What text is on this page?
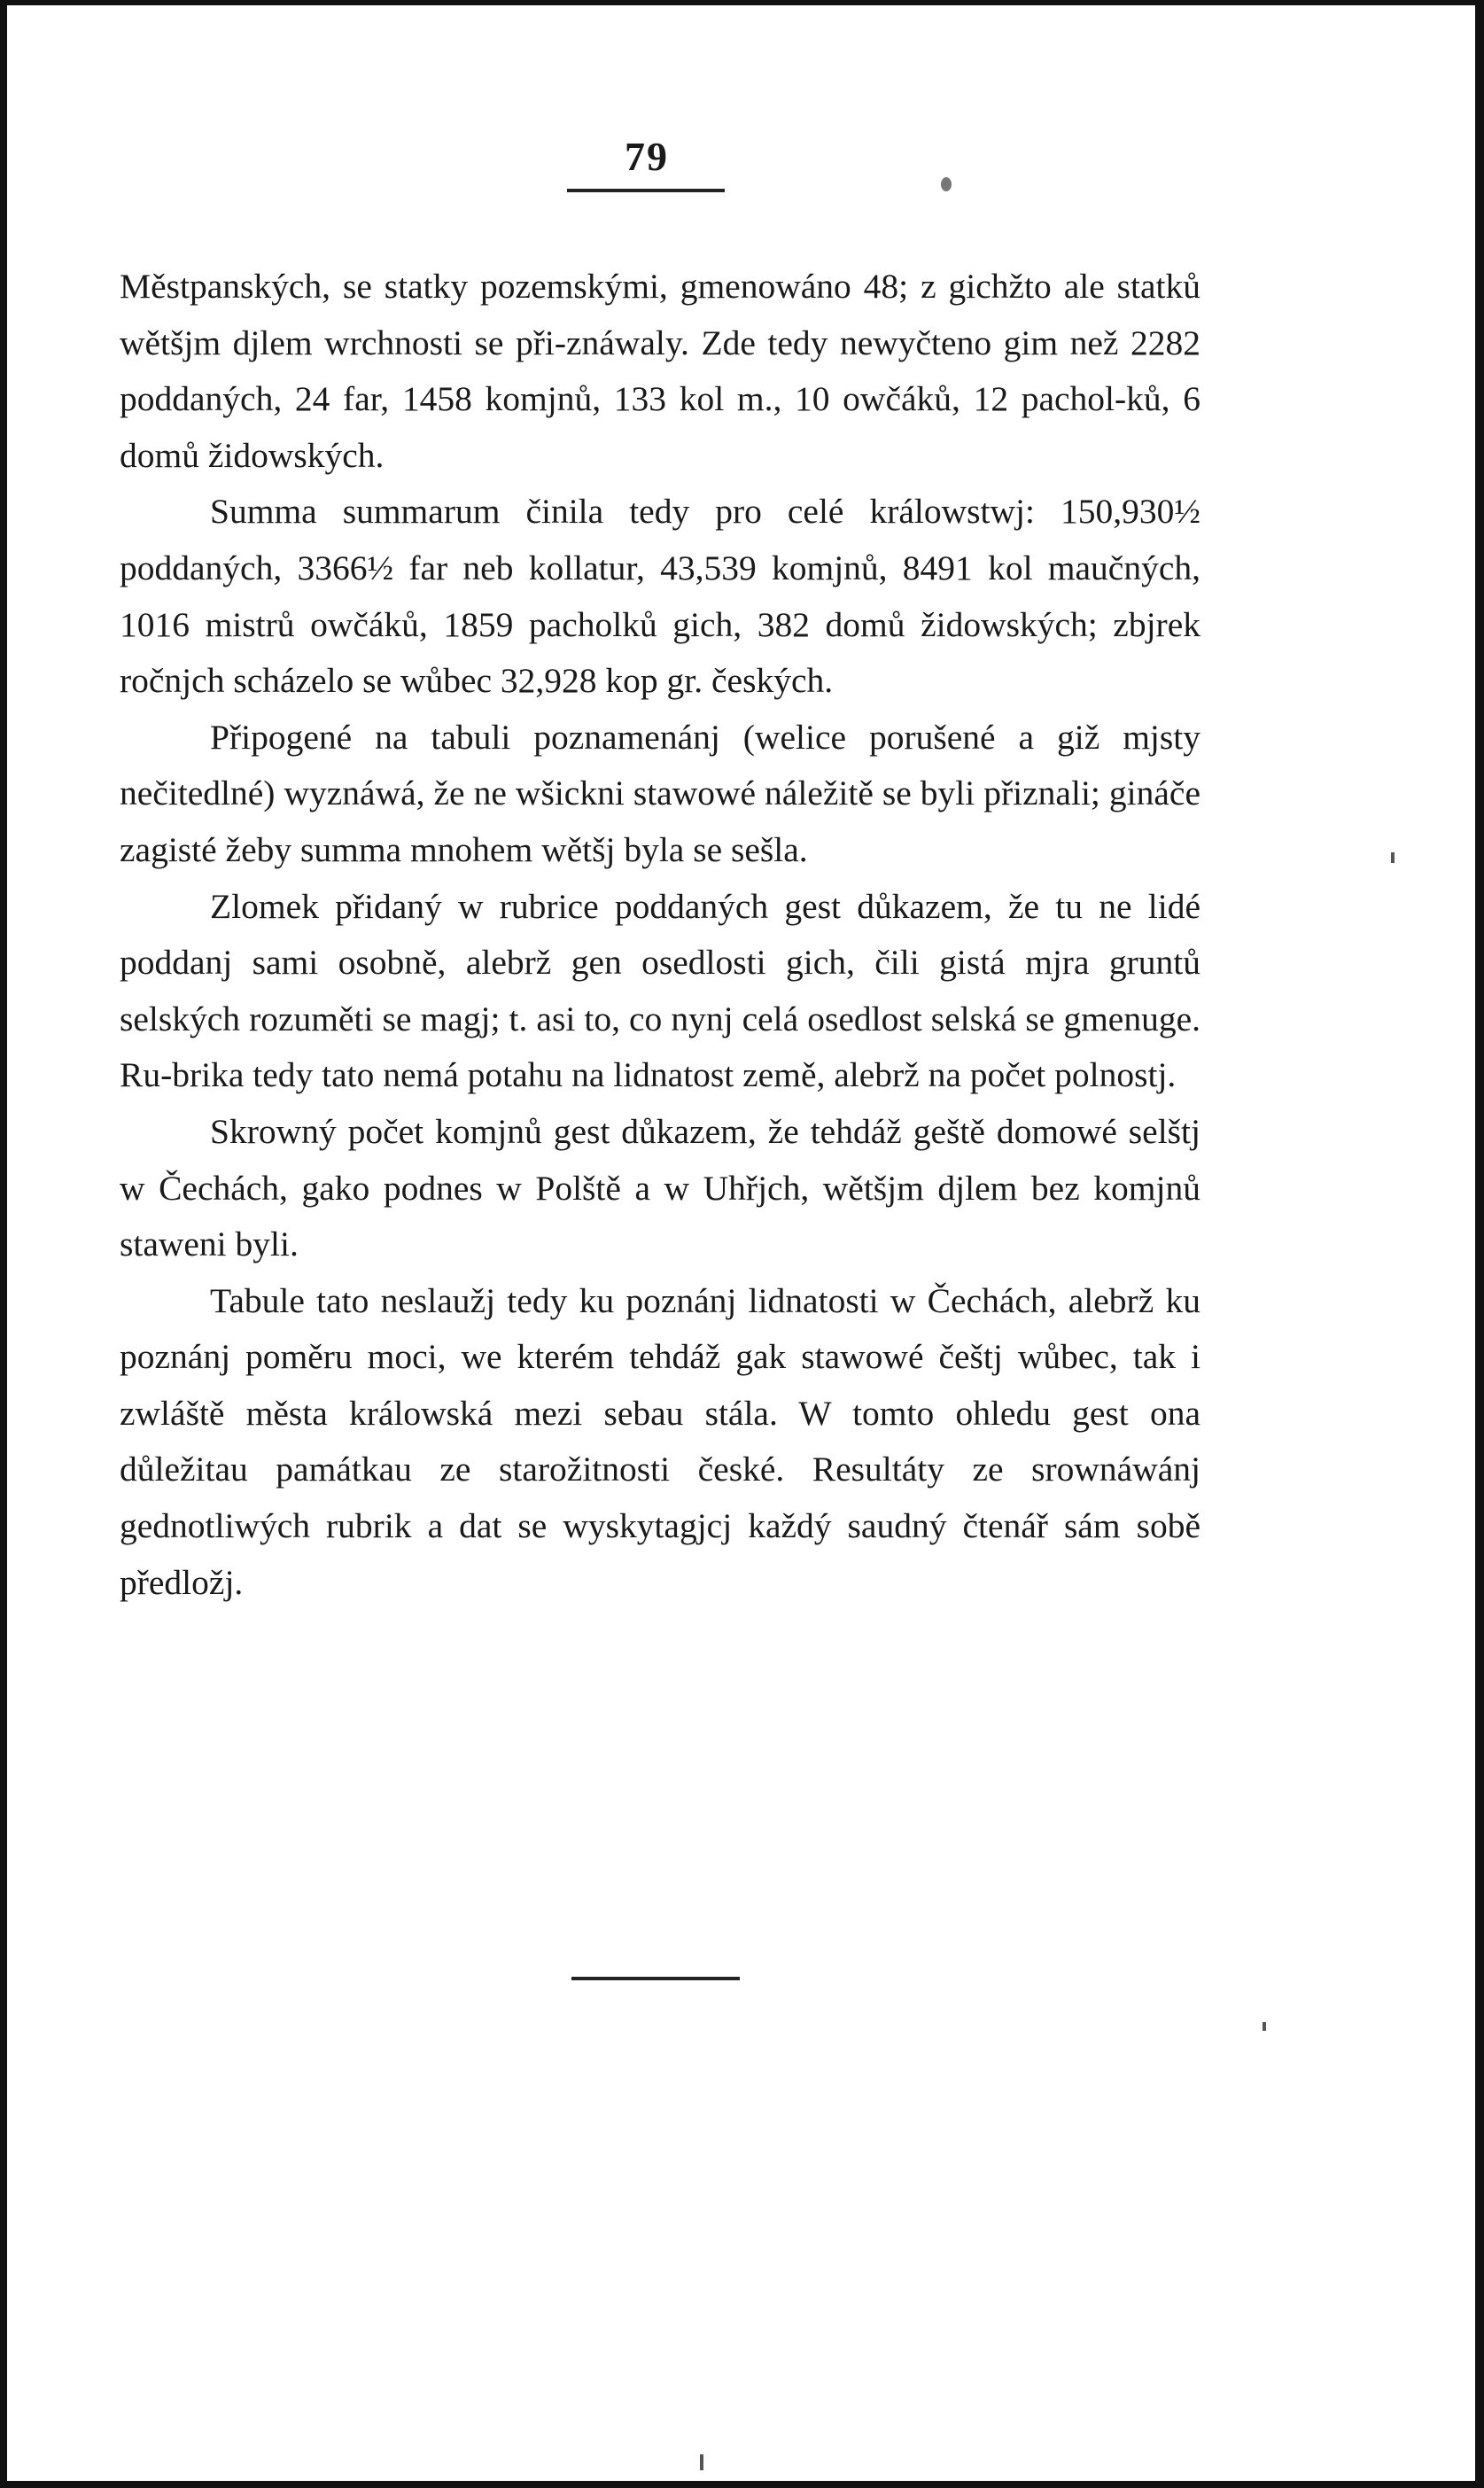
79

Městpanských, se statky pozemskými, gmenowáno 48; z gichžto ale statků wětšjm djlem wrchnosti se při-znáwaly. Zde tedy newyčteno gim než 2282 poddaných, 24 far, 1458 komjnů, 133 kol m., 10 owčáků, 12 pachol-ků, 6 domů židowských.

Summa summarum činila tedy pro celé králowstwj: 150,930½ poddaných, 3366½ far neb kollatur, 43,539 komjnů, 8491 kol maučných, 1016 mistrů owčáků, 1859 pacholků gich, 382 domů židowských; zbjrek ročnjch scházelo se wůbec 32,928 kop gr. českých.

Připogené na tabuli poznamenánj (welice porušené a giž mjsty nečitedlné) wyznáwá, že ne wšickni stawowé náležitě se byli přiznali; gináče zagisté žeby summa mnohem wětšj byla se sešla.

Zlomek přidaný w rubrice poddaných gest důkazem, že tu ne lidé poddanj sami osobně, alebrž gen osedlosti gich, čili gistá mjra gruntů selských rozuměti se magj; t. asi to, co nynj celá osedlost selská se gmenuge. Ru-brika tedy tato nemá potahu na lidnatost země, alebrž na počet polnostj.

Skrowný počet komjnů gest důkazem, že tehdáž geště domowé selštj w Čechách, gako podnes w Polště a w Uhřjch, wětšjm djlem bez komjnů staweni byli.

Tabule tato neslaužj tedy ku poznánj lidnatosti w Čechách, alebrž ku poznánj poměru moci, we kterém tehdáž gak stawowé češtj wůbec, tak i zwláště města králowská mezi sebau stála. W tomto ohledu gest ona důležitau památkau ze starožitnosti české. Resultáty ze srownáwánj gednotliwých rubrik a dat se wyskytagjcj každý saudný čtenář sám sobě předložj.
